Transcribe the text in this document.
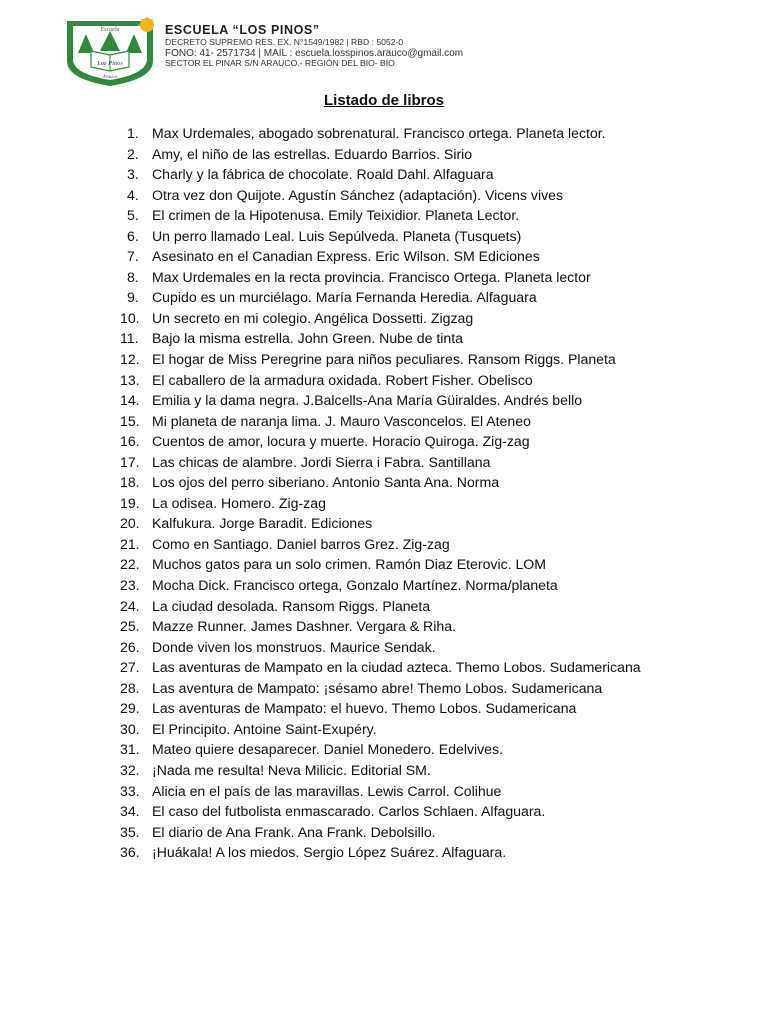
Escuela
Los Pinos
Arauco
ESCUELA “LOS PINOS”
DECRETO SUPREMO RES. EX. N°1549/1982 | RBD : 5052-0
FONO: 41- 2571734 | MAIL : escuela.losspinos.arauco@gmail.com
SECTOR EL PINAR S/N ARAUCO.- REGIÓN DEL BIO- BIO
Listado de libros
1. Max Urdemales, abogado sobrenatural. Francisco ortega. Planeta lector.
2. Amy, el niño de las estrellas. Eduardo Barrios. Sirio
3. Charly y la fábrica de chocolate. Roald Dahl. Alfaguara
4. Otra vez don Quijote. Agustín Sánchez (adaptación). Vicens vives
5. El crimen de la Hipotenusa. Emily Teixidior. Planeta Lector.
6. Un perro llamado Leal. Luis Sepúlveda. Planeta (Tusquets)
7. Asesinato en el Canadian Express. Eric Wilson. SM Ediciones
8. Max Urdemales en la recta provincia. Francisco Ortega. Planeta lector
9. Cupido es un murciélago. María Fernanda Heredia. Alfaguara
10. Un secreto en mi colegio. Angélica Dossetti. Zigzag
11. Bajo la misma estrella. John Green. Nube de tinta
12. El hogar de Miss Peregrine para niños peculiares. Ransom Riggs. Planeta
13. El caballero de la armadura oxidada. Robert Fisher. Obelisco
14. Emilia y la dama negra. J.Balcells-Ana María Güiraldes. Andrés bello
15. Mi planeta de naranja lima. J. Mauro Vasconcelos. El Ateneo
16. Cuentos de amor, locura y muerte. Horacio Quiroga. Zig-zag
17. Las chicas de alambre. Jordi Sierra i Fabra. Santillana
18. Los ojos del perro siberiano. Antonio Santa Ana. Norma
19. La odisea. Homero. Zig-zag
20. Kalfukura. Jorge Baradit. Ediciones
21. Como en Santiago. Daniel barros Grez. Zig-zag
22. Muchos gatos para un solo crimen. Ramón Diaz Eterovic. LOM
23. Mocha Dick. Francisco ortega, Gonzalo Martínez. Norma/planeta
24. La ciudad desolada. Ransom Riggs. Planeta
25. Mazze Runner. James Dashner. Vergara & Riha.
26. Donde viven los monstruos. Maurice Sendak.
27. Las aventuras de Mampato en la ciudad azteca. Themo Lobos. Sudamericana
28. Las aventura de Mampato: ¡sésamo abre! Themo Lobos. Sudamericana
29. Las aventuras de Mampato: el huevo. Themo Lobos. Sudamericana
30. El Principito. Antoine Saint-Exupéry.
31. Mateo quiere desaparecer. Daniel Monedero. Edelvives.
32. ¡Nada me resulta! Neva Milicic. Editorial SM.
33. Alicia en el país de las maravillas. Lewis Carrol. Colihue
34. El caso del futbolista enmascarado. Carlos Schlaen. Alfaguara.
35. El diario de Ana Frank. Ana Frank. Debolsillo.
36. ¡Huákala! A los miedos. Sergio López Suárez. Alfaguara.
